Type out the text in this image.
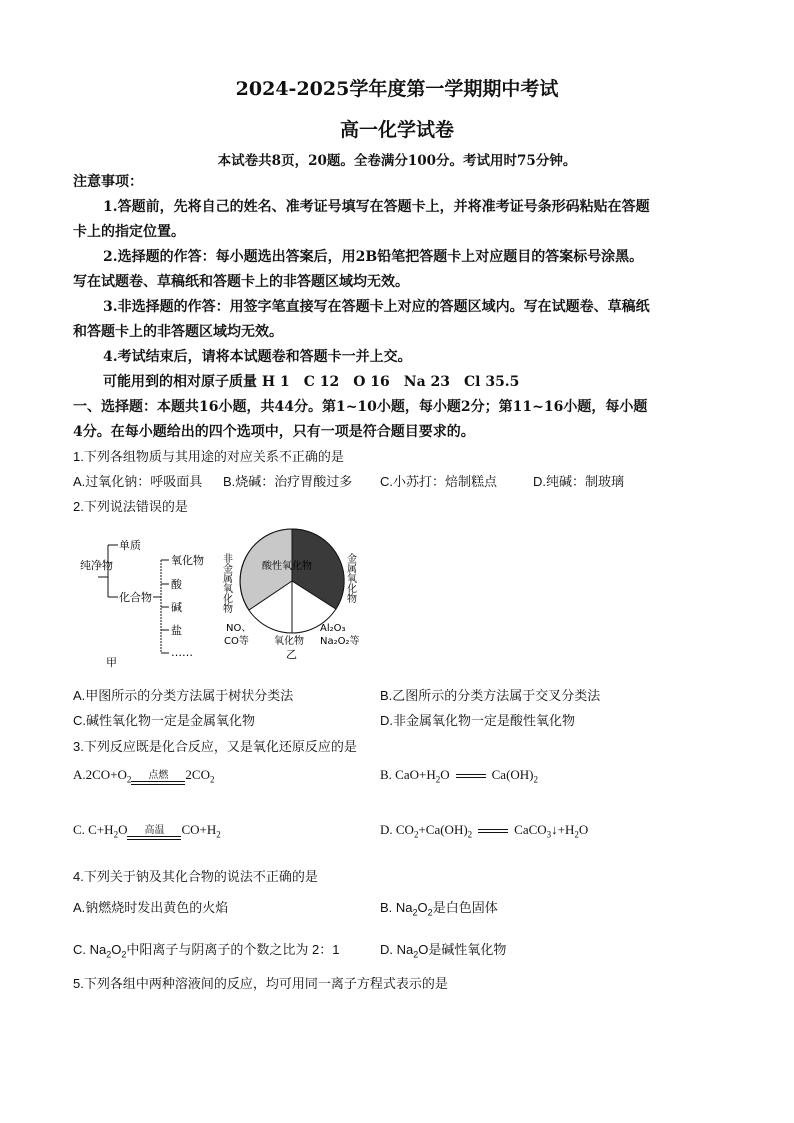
2024-2025学年度第一学期期中考试
高一化学试卷
本试卷共8页，20题。全卷满分100分。考试用时75分钟。
注意事项：
1.答题前，先将自己的姓名、准考证号填写在答题卡上，并将准考证号条形码粘贴在答题
卡上的指定位置。
2.选择题的作答：每小题选出答案后，用2B铅笔把答题卡上对应题目的答案标号涂黑。
写在试题卷、草稿纸和答题卡上的非答题区域均无效。
3.非选择题的作答：用签字笔直接写在答题卡上对应的答题区域内。写在试题卷、草稿纸
和答题卡上的非答题区域均无效。
4.考试结束后，请将本试题卷和答题卡一并上交。
可能用到的相对原子质量 H 1　C 12　O 16　Na 23　Cl 35.5
一、选择题：本题共16小题，共44分。第1~10小题，每小题2分；第11~16小题，每小题
4分。在每小题给出的四个选项中，只有一项是符合题目要求的。
1.下列各组物质与其用途的对应关系不正确的是
A.过氧化钠：呼吸面具 B.烧碱：治疗胃酸过多 C.小苏打：焙制糕点	D.纯碱：制玻璃
2.下列说法错误的是
纯净物
单质
化合物
氧化物
酸
碱
盐
……
甲
酸性氧化物
非金属氧化物	金属氧化物
NO、
CO等	氧化物
Al₂O₃
Na₂O₂等
乙
A.甲图所示的分类方法属于树状分类法	B.乙图所示的分类方法属于交叉分类法
C.碱性氧化物一定是金属氧化物	D.非金属氧化物一定是酸性氧化物
3.下列反应既是化合反应，又是氧化还原反应的是
$A.2CO+O_2$	点燃	$2CO_2$	B. $CaO+H_2O$	$Ca(OH)_2$
C. $C+H_2O$	高温	$CO+H_2$	D. $CO_2+Ca(OH)_2$	$CaCO_3↓+H_2O$
4.下列关于钠及其化合物的说法不正确的是
A.钠燃烧时发出黄色的火焰	B. $Na_2O_2$是白色固体
C. $Na_2O_2$中阳离子与阴离子的个数之比为 2：1	D. $Na_2O$是碱性氧化物
5.下列各组中两种溶液间的反应，均可用同一离子方程式表示的是
